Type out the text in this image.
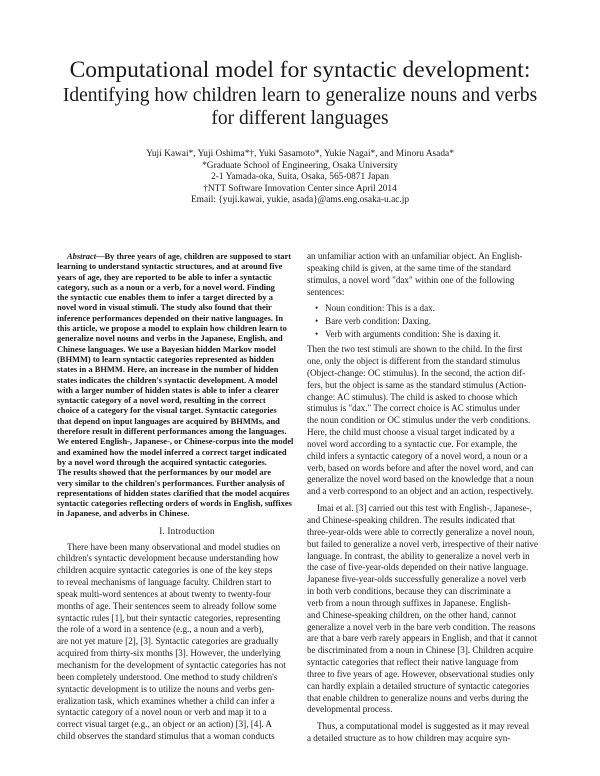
Computational model for syntactic development:
Identifying how children learn to generalize nouns and verbs
for different languages
Yuji Kawai*, Yuji Oshima*†, Yuki Sasamoto*, Yukie Nagai*, and Minoru Asada*
*Graduate School of Engineering, Osaka University
2-1 Yamada-oka, Suita, Osaka, 565-0871 Japan
†NTT Software Innovation Center since April 2014
Email: {yuji.kawai, yukie, asada}@ams.eng.osaka-u.ac.jp

Abstract—By three years of age, children are supposed to start

learning to understand syntactic structures, and at around five

years of age, they are reported to be able to infer a syntactic

category, such as a noun or a verb, for a novel word. Finding

the syntactic cue enables them to infer a target directed by a

novel word in visual stimuli. The study also found that their

inference performances depended on their native languages. In

this article, we propose a model to explain how children learn to

generalize novel nouns and verbs in the Japanese, English, and

Chinese languages. We use a Bayesian hidden Markov model

(BHMM) to learn syntactic categories represented as hidden

states in a BHMM. Here, an increase in the number of hidden

states indicates the children's syntactic development. A model

with a larger number of hidden states is able to infer a clearer

syntactic category of a novel word, resulting in the correct

choice of a category for the visual target. Syntactic categories

that depend on input languages are acquired by BHMMs, and

therefore result in different performances among the languages.

We entered English-, Japanese-, or Chinese-corpus into the model

and examined how the model inferred a correct target indicated

by a novel word through the acquired syntactic categories.

The results showed that the performances by our model are

very similar to the children's performances. Further analysis of

representations of hidden states clarified that the model acquires

syntactic categories reflecting orders of words in English, suffixes

in Japanese, and adverbs in Chinese.

I. Introduction

There have been many observational and model studies on

children's syntactic development because understanding how

children acquire syntactic categories is one of the key steps

to reveal mechanisms of language faculty. Children start to

speak multi-word sentences at about twenty to twenty-four

months of age. Their sentences seem to already follow some

syntactic rules [1], but their syntactic categories, representing

the role of a word in a sentence (e.g., a noun and a verb),

are not yet mature [2], [3]. Syntactic categories are gradually

acquired from thirty-six months [3]. However, the underlying

mechanism for the development of syntactic categories has not

been completely understood. One method to study children's

syntactic development is to utilize the nouns and verbs gen-

eralization task, which examines whether a child can infer a

syntactic category of a novel noun or verb and map it to a

correct visual target (e.g., an object or an action) [3], [4]. A

child observes the standard stimulus that a woman conducts

an unfamiliar action with an unfamiliar object. An English-

speaking child is given, at the same time of the standard

stimulus, a novel word "dax" within one of the following

sentences:

• Noun condition: This is a dax.
• Bare verb condition: Daxing.
• Verb with arguments condition: She is daxing it.

Then the two test stimuli are shown to the child. In the first

one, only the object is different from the standard stimulus

(Object-change: OC stimulus). In the second, the action dif-

fers, but the object is same as the standard stimulus (Action-

change: AC stimulus). The child is asked to choose which

stimulus is "dax." The correct choice is AC stimulus under

the noun condition or OC stimulus under the verb conditions.

Here, the child must choose a visual target indicated by a

novel word according to a syntactic cue. For example, the

child infers a syntactic category of a novel word, a noun or a

verb, based on words before and after the novel word, and can

generalize the novel word based on the knowledge that a noun

and a verb correspond to an object and an action, respectively.

Imai et al. [3] carried out this test with English-, Japanese-,

and Chinese-speaking children. The results indicated that

three-year-olds were able to correctly generalize a novel noun,

but failed to generalize a novel verb, irrespective of their native

language. In contrast, the ability to generalize a novel verb in

the case of five-year-olds depended on their native language.

Japanese five-year-olds successfully generalize a novel verb

in both verb conditions, because they can discriminate a

verb from a noun through suffixes in Japanese. English-

and Chinese-speaking children, on the other hand, cannot

generalize a novel verb in the bare verb condition. The reasons

are that a bare verb rarely appears in English, and that it cannot

be discriminated from a noun in Chinese [3]. Children acquire

syntactic categories that reflect their native language from

three to five years of age. However, observational studies only

can hardly explain a detailed structure of syntactic categories

that enable children to generalize nouns and verbs during the

developmental process.

Thus, a computational model is suggested as it may reveal

a detailed structure as to how children may acquire syn-
